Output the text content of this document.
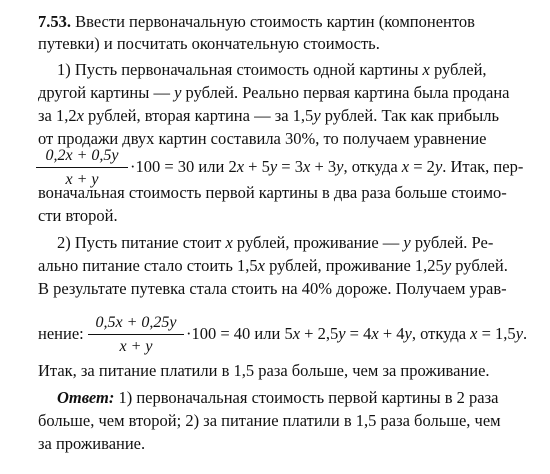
7.53. Ввести первоначальную стоимость картин (компонентов
путевки) и посчитать окончательную стоимость.
1) Пусть первоначальная стоимость одной картины x рублей,
другой картины — y рублей. Реально первая картина была продана
за 1,2x рублей, вторая картина — за 1,5y рублей. Так как прибыль
от продажи двух картин составила 30%, то получаем уравнение
$\frac{0,2x + 0,5y}{x + y} \cdot 100 = 30$ или 2x + 5y = 3x + 3y, откуда x = 2y. Итак, пер-
воначальная стоимость первой картины в два раза больше стоимо-
сти второй.
2) Пусть питание стоит x рублей, проживание — y рублей. Ре-
ально питание стало стоить 1,5x рублей, проживание 1,25y рублей.
В результате путевка стала стоить на 40% дороже. Получаем урав-
нение: $\frac{0,5x + 0,25y}{x + y} \cdot 100 = 40$ или 5x + 2,5y = 4x + 4y, откуда x = 1,5y.
Итак, за питание платили в 1,5 раза больше, чем за проживание.
Ответ: 1) первоначальная стоимость первой картины в 2 раза
больше, чем второй; 2) за питание платили в 1,5 раза больше, чем
за проживание.
